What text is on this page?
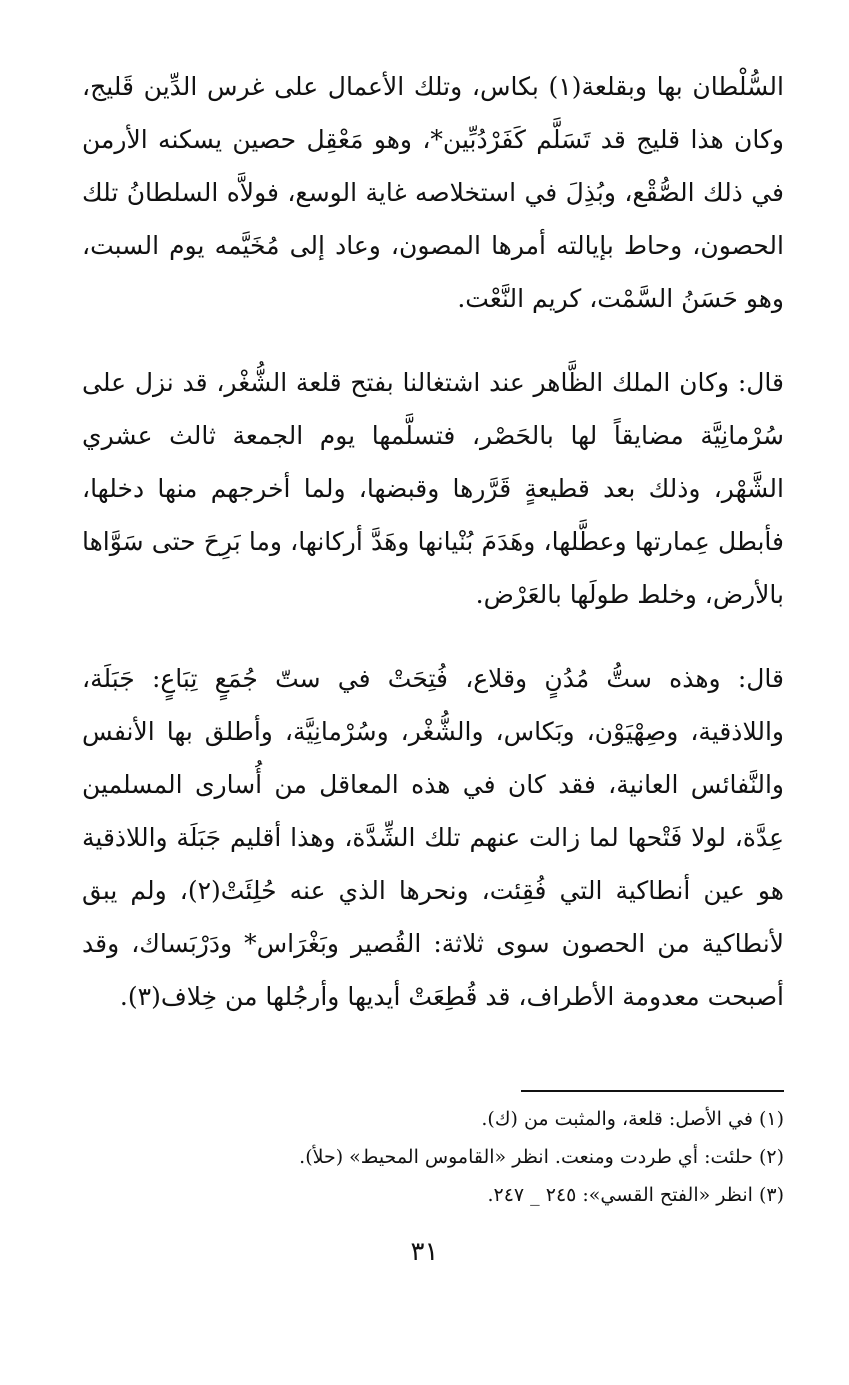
السُّلْطان بها وبقلعة(١) بكاس، وتلك الأعمال على غرس الدِّين قَليج، وكان هذا قليج قد تَسَلَّم كَفَرْدُبِّين*، وهو مَعْقِل حصين يسكنه الأرمن في ذلك الصُّقْع، وبُذِلَ في استخلاصه غاية الوسع، فولاَّه السلطانُ تلك الحصون، وحاط بإيالته أمرها المصون، وعاد إلى مُخَيَّمه يوم السبت، وهو حَسَنُ السَّمْت، كريم النَّعْت.

قال: وكان الملك الظَّاهر عند اشتغالنا بفتح قلعة الشُّغْر، قد نزل على سُرْمانِيَّة مضايقاً لها بالحَصْر، فتسلَّمها يوم الجمعة ثالث عشري الشَّهْر، وذلك بعد قطيعةٍ قَرَّرها وقبضها، ولما أخرجهم منها دخلها، فأبطل عِمارتها وعطَّلها، وهَدَمَ بُنْيانها وهَدَّ أركانها، وما بَرِحَ حتى سَوَّاها بالأرض، وخلط طولَها بالعَرْض.

قال: وهذه ستُّ مُدُنٍ وقلاع، فُتِحَتْ في ستّ جُمَعٍ تِبَاعٍ: جَبَلَة، واللاذقية، وصِهْيَوْن، وبَكاس، والشُّغْر، وسُرْمانِيَّة، وأطلق بها الأنفس والنَّفائس العانية، فقد كان في هذه المعاقل من أُسارى المسلمين عِدَّة، لولا فَتْحها لما زالت عنهم تلك الشِّدَّة، وهذا أقليم جَبَلَة واللاذقية هو عين أنطاكية التي فُقِئت، ونحرها الذي عنه حُلِئَتْ(٢)، ولم يبق لأنطاكية من الحصون سوى ثلاثة: القُصير وبَغْرَاس* ودَرْبَساك، وقد أصبحت معدومة الأطراف، قد قُطِعَتْ أيديها وأرجُلها من خِلاف(٣).

(١) في الأصل: قلعة، والمثبت من (ك).
(٢) حلئت: أي طردت ومنعت. انظر «القاموس المحيط» (حلأ).
(٣) انظر «الفتح القسي»: ٢٤٥ _ ٢٤٧.
٣١
